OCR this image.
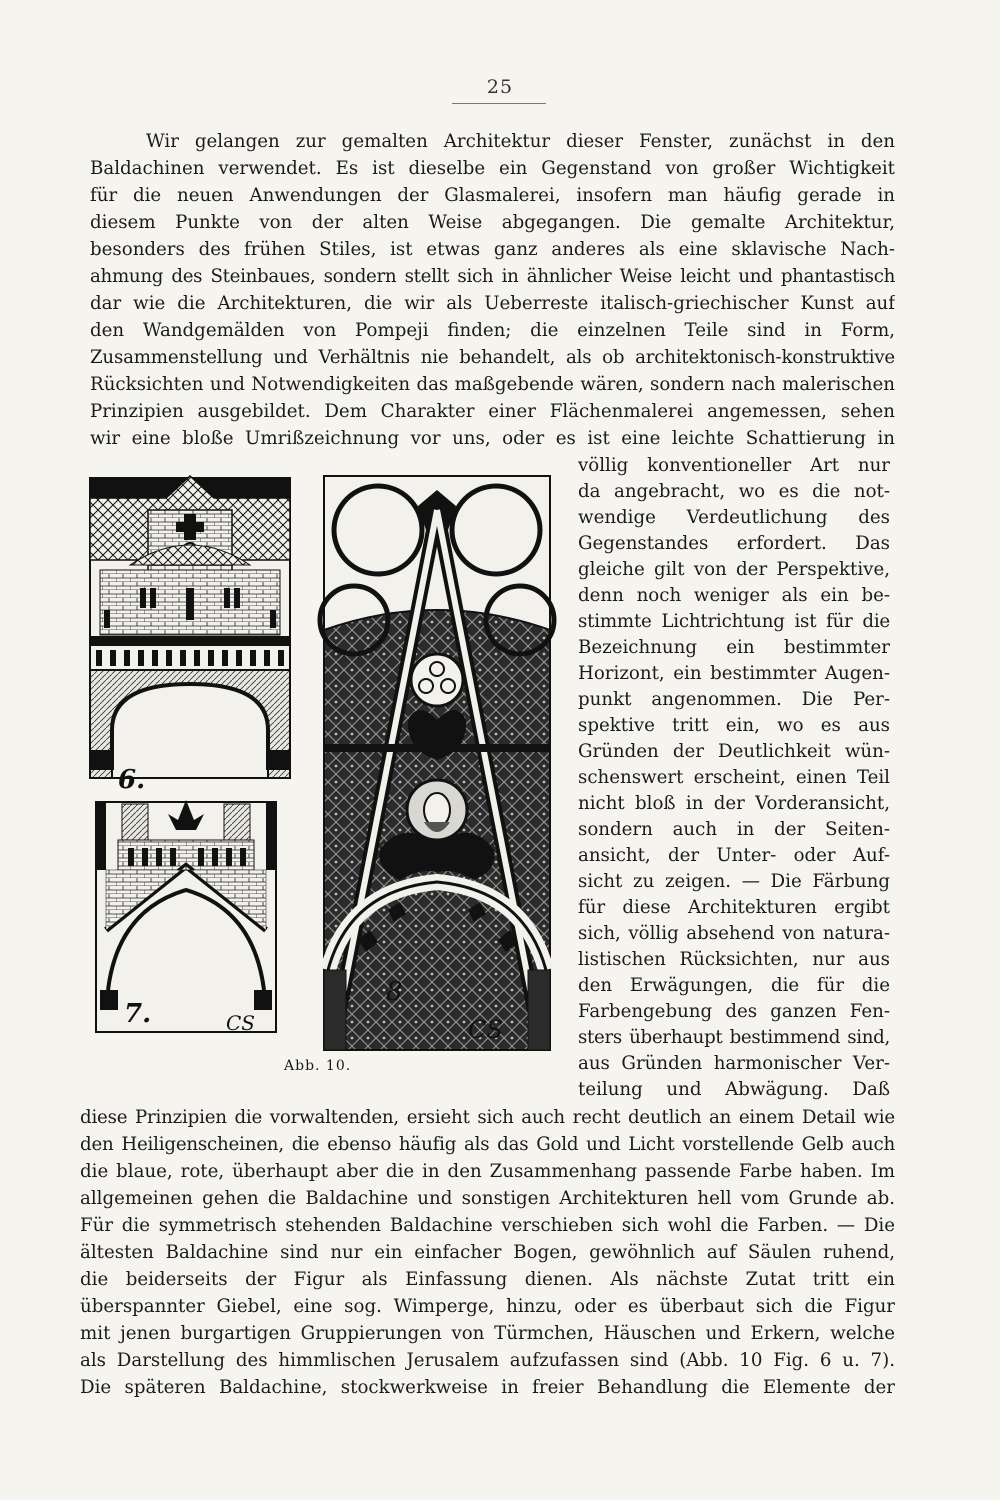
25
Wir gelangen zur gemalten Architektur dieser Fenster, zunächst in den
Baldachinen verwendet. Es ist dieselbe ein Gegenstand von großer Wichtigkeit
für die neuen Anwendungen der Glasmalerei, insofern man häufig gerade in
diesem Punkte von der alten Weise abgegangen. Die gemalte Architektur,
besonders des frühen Stiles, ist etwas ganz anderes als eine sklavische Nach-
ahmung des Steinbaues, sondern stellt sich in ähnlicher Weise leicht und phantastisch
dar wie die Architekturen, die wir als Ueberreste italisch-griechischer Kunst auf
den Wandgemälden von Pompeji finden; die einzelnen Teile sind in Form,
Zusammenstellung und Verhältnis nie behandelt, als ob architektonisch-konstruktive
Rücksichten und Notwendigkeiten das maßgebende wären, sondern nach malerischen
Prinzipien ausgebildet. Dem Charakter einer Flächenmalerei angemessen, sehen
wir eine bloße Umrißzeichnung vor uns, oder es ist eine leichte Schattierung in
völlig konventioneller Art nur
da angebracht, wo es die not-
wendige Verdeutlichung des
Gegenstandes erfordert. Das
gleiche gilt von der Perspektive,
denn noch weniger als ein be-
stimmte Lichtrichtung ist für die
Bezeichnung ein bestimmter
Horizont, ein bestimmter Augen-
punkt angenommen. Die Per-
spektive tritt ein, wo es aus
Gründen der Deutlichkeit wün-
schenswert erscheint, einen Teil
nicht bloß in der Vorderansicht,
sondern auch in der Seiten-
ansicht, der Unter- oder Auf-
sicht zu zeigen. — Die Färbung
für diese Architekturen ergibt
sich, völlig absehend von natura-
listischen Rücksichten, nur aus
den Erwägungen, die für die
Farbengebung des ganzen Fen-
sters überhaupt bestimmend sind,
aus Gründen harmonischer Ver-
teilung und Abwägung. Daß
diese Prinzipien die vorwaltenden, ersieht sich auch recht deutlich an einem Detail wie
den Heiligenscheinen, die ebenso häufig als das Gold und Licht vorstellende Gelb auch
die blaue, rote, überhaupt aber die in den Zusammenhang passende Farbe haben. Im
allgemeinen gehen die Baldachine und sonstigen Architekturen hell vom Grunde ab.
Für die symmetrisch stehenden Baldachine verschieben sich wohl die Farben. — Die
ältesten Baldachine sind nur ein einfacher Bogen, gewöhnlich auf Säulen ruhend,
die beiderseits der Figur als Einfassung dienen. Als nächste Zutat tritt ein
überspannter Giebel, eine sog. Wimperge, hinzu, oder es überbaut sich die Figur
mit jenen burgartigen Gruppierungen von Türmchen, Häuschen und Erkern, welche
als Darstellung des himmlischen Jerusalem aufzufassen sind (Abb. 10 Fig. 6 u. 7).
Die späteren Baldachine, stockwerkweise in freier Behandlung die Elemente der
6.
7.	CS
8
CS
Abb. 10.
